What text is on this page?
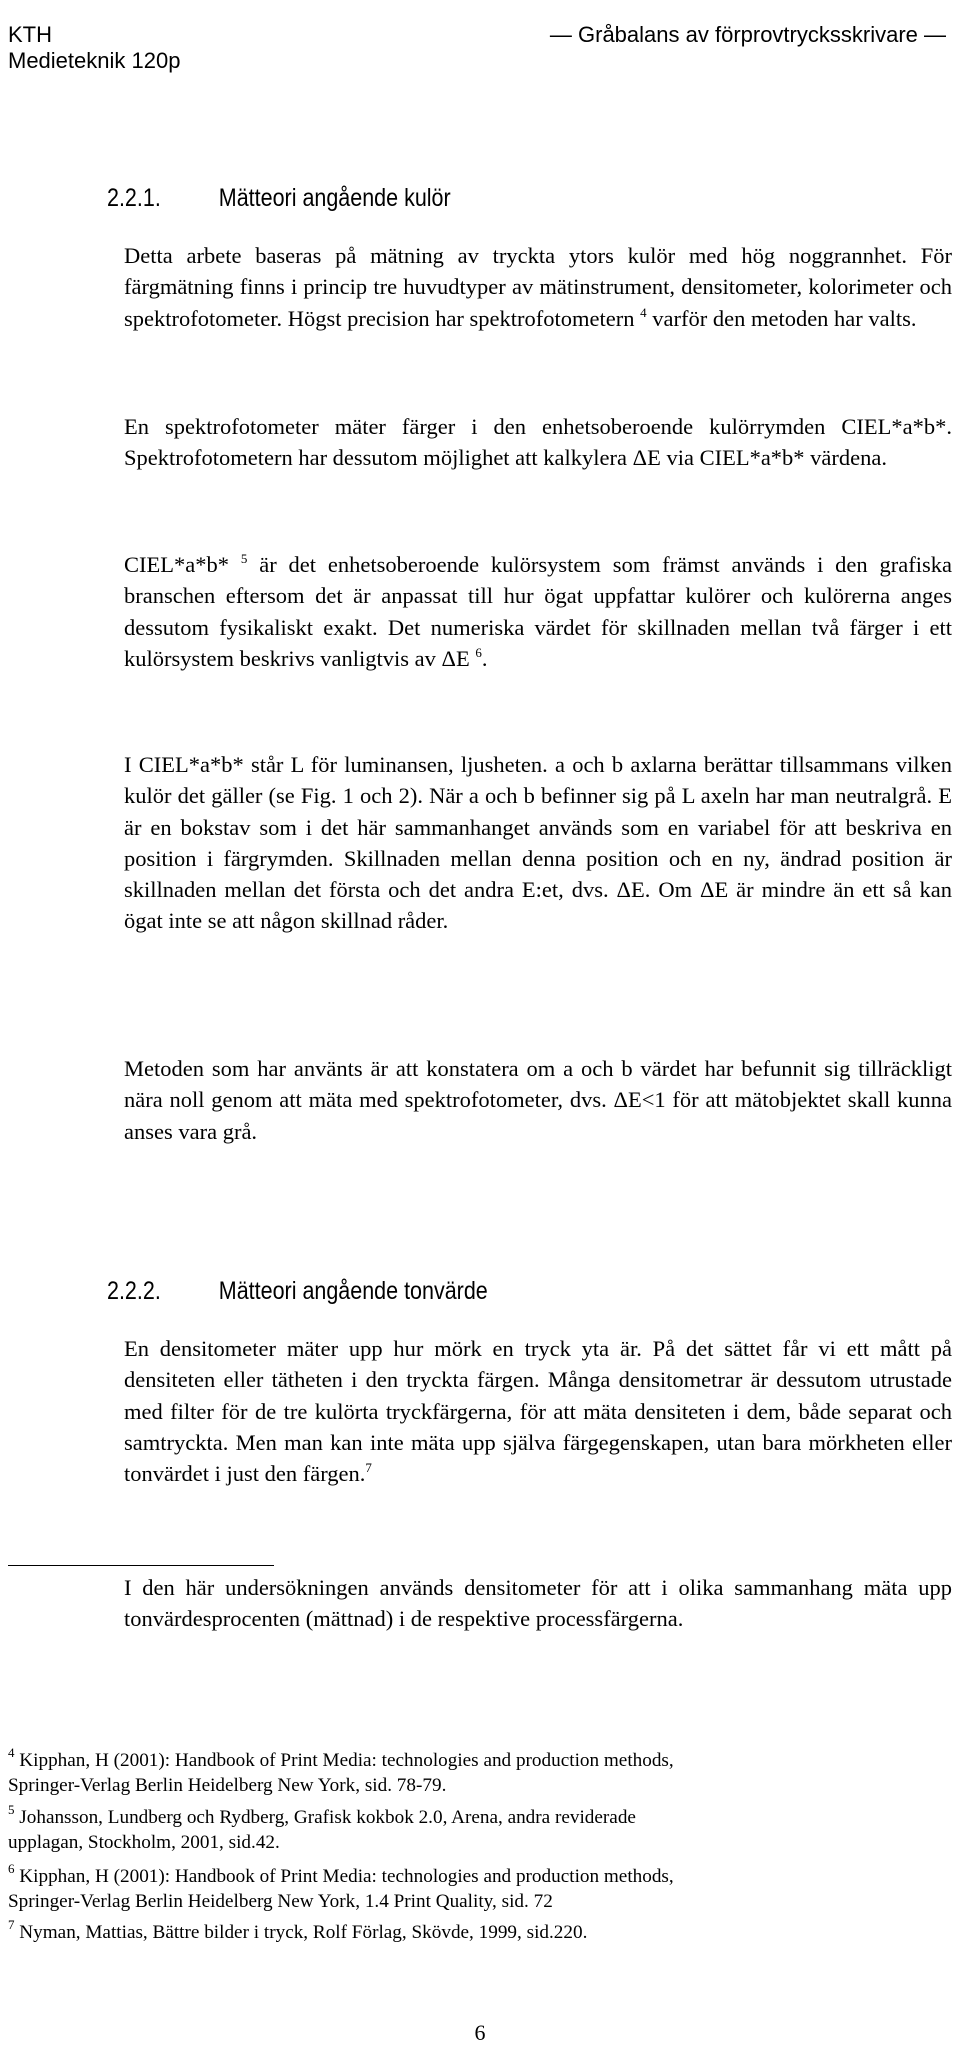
KTH
Medieteknik 120p
― Gråbalans av förprovtrycksskrivare ―
2.2.1. Mätteori angående kulör

Detta arbete baseras på mätning av tryckta ytors kulör med hög noggrannhet. För färgmätning finns i princip tre huvudtyper av mätinstrument, densitometer, kolorimeter och spektrofotometer. Högst precision har spektrofotometern $^4$ varför den metoden har valts.

En spektrofotometer mäter färger i den enhetsoberoende kulörrymden CIEL*a*b*. Spektrofotometern har dessutom möjlighet att kalkylera ΔE via CIEL*a*b* värdena.

CIEL*a*b* $^5$ är det enhetsoberoende kulörsystem som främst används i den grafiska branschen eftersom det är anpassat till hur ögat uppfattar kulörer och kulörerna anges dessutom fysikaliskt exakt. Det numeriska värdet för skillnaden mellan två färger i ett kulörsystem beskrivs vanligtvis av ΔE $^6$.

I CIEL*a*b* står L för luminansen, ljusheten. a och b axlarna berättar tillsammans vilken kulör det gäller (se Fig. 1 och 2). När a och b befinner sig på L axeln har man neutralgrå. E är en bokstav som i det här sammanhanget används som en variabel för att beskriva en position i färgrymden. Skillnaden mellan denna position och en ny, ändrad position är skillnaden mellan det första och det andra E:et, dvs. ΔE. Om ΔE är mindre än ett så kan ögat inte se att någon skillnad råder.

Metoden som har använts är att konstatera om a och b värdet har befunnit sig tillräckligt nära noll genom att mäta med spektrofotometer, dvs. ΔE<1 för att mätobjektet skall kunna anses vara grå.

2.2.2. Mätteori angående tonvärde

En densitometer mäter upp hur mörk en tryck yta är. På det sättet får vi ett mått på densiteten eller tätheten i den tryckta färgen. Många densitometrar är dessutom utrustade med filter för de tre kulörta tryckfärgerna, för att mäta densiteten i dem, både separat och samtryckta. Men man kan inte mäta upp själva färgegenskapen, utan bara mörkheten eller tonvärdet i just den färgen.$^7$

I den här undersökningen används densitometer för att i olika sammanhang mäta upp tonvärdesprocenten (mättnad) i de respektive processfärgerna.

$^4$ Kipphan, H (2001): Handbook of Print Media: technologies and production methods,
Springer-Verlag Berlin Heidelberg New York, sid. 78-79.
$^5$ Johansson, Lundberg och Rydberg, Grafisk kokbok 2.0, Arena, andra reviderade
upplagan, Stockholm, 2001, sid.42.
$^6$ Kipphan, H (2001): Handbook of Print Media: technologies and production methods,
Springer-Verlag Berlin Heidelberg New York, 1.4 Print Quality, sid. 72
$^7$ Nyman, Mattias, Bättre bilder i tryck, Rolf Förlag, Skövde, 1999, sid.220.
6
